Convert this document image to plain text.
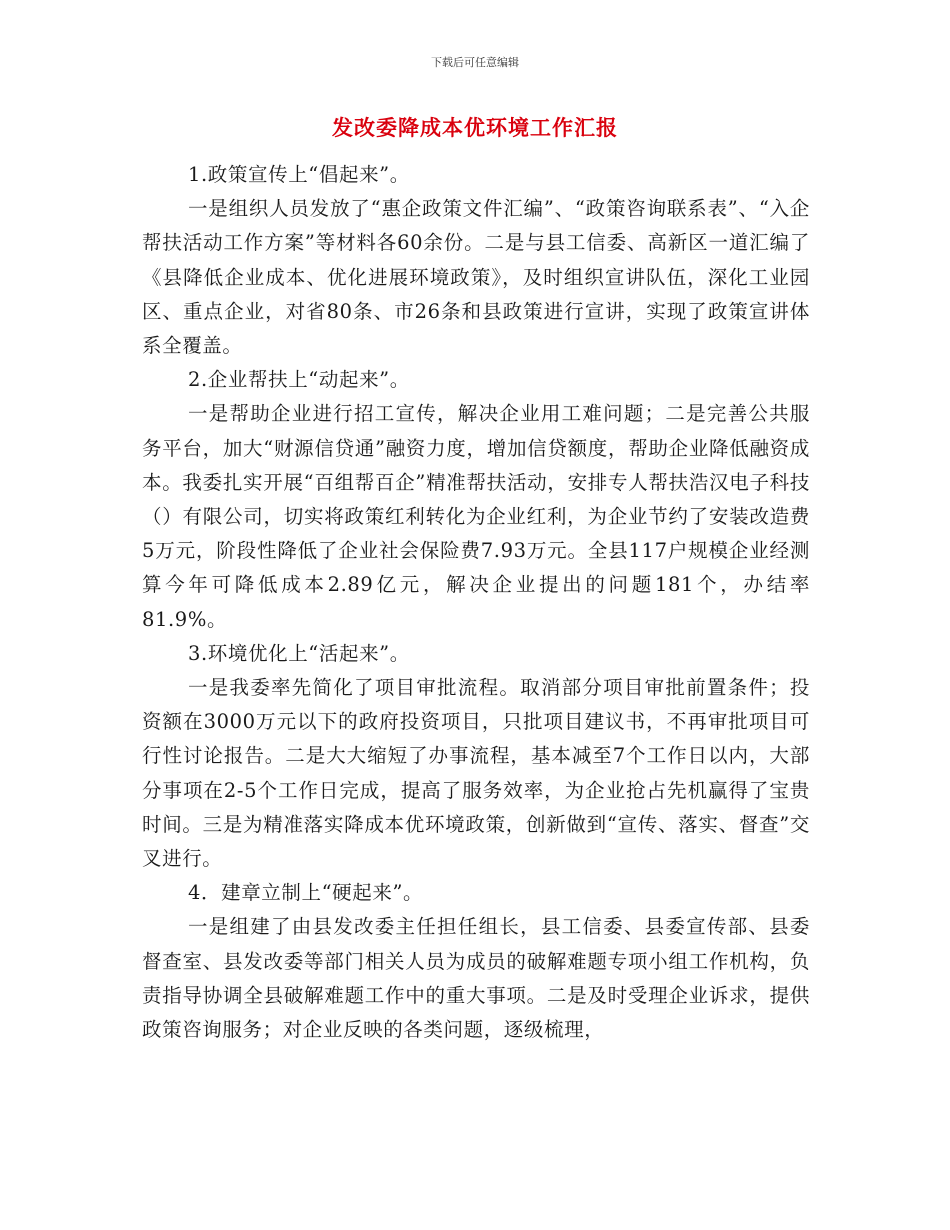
下载后可任意编辑
发改委降成本优环境工作汇报

1.政策宣传上“倡起来”。

一是组织人员发放了“惠企政策文件汇编”、“政策咨询联系表”、“入企帮扶活动工作方案”等材料各60余份。二是与县工信委、高新区一道汇编了《县降低企业成本、优化进展环境政策》，及时组织宣讲队伍，深化工业园区、重点企业，对省80条、市26条和县政策进行宣讲，实现了政策宣讲体系全覆盖。

2.企业帮扶上“动起来”。

一是帮助企业进行招工宣传，解决企业用工难问题；二是完善公共服务平台，加大“财源信贷通”融资力度，增加信贷额度，帮助企业降低融资成本。我委扎实开展“百组帮百企”精准帮扶活动，安排专人帮扶浩汉电子科技（）有限公司，切实将政策红利转化为企业红利，为企业节约了安装改造费5万元，阶段性降低了企业社会保险费7.93万元。全县117户规模企业经测算今年可降低成本2.89亿元，解决企业提出的问题181个，办结率81.9%。

3.环境优化上“活起来”。

一是我委率先简化了项目审批流程。取消部分项目审批前置条件；投资额在3000万元以下的政府投资项目，只批项目建议书，不再审批项目可行性讨论报告。二是大大缩短了办事流程，基本减至7个工作日以内，大部分事项在2-5个工作日完成，提高了服务效率，为企业抢占先机赢得了宝贵时间。三是为精准落实降成本优环境政策，创新做到“宣传、落实、督查”交叉进行。

4．建章立制上“硬起来”。

一是组建了由县发改委主任担任组长，县工信委、县委宣传部、县委督查室、县发改委等部门相关人员为成员的破解难题专项小组工作机构，负责指导协调全县破解难题工作中的重大事项。二是及时受理企业诉求，提供政策咨询服务；对企业反映的各类问题，逐级梳理，
